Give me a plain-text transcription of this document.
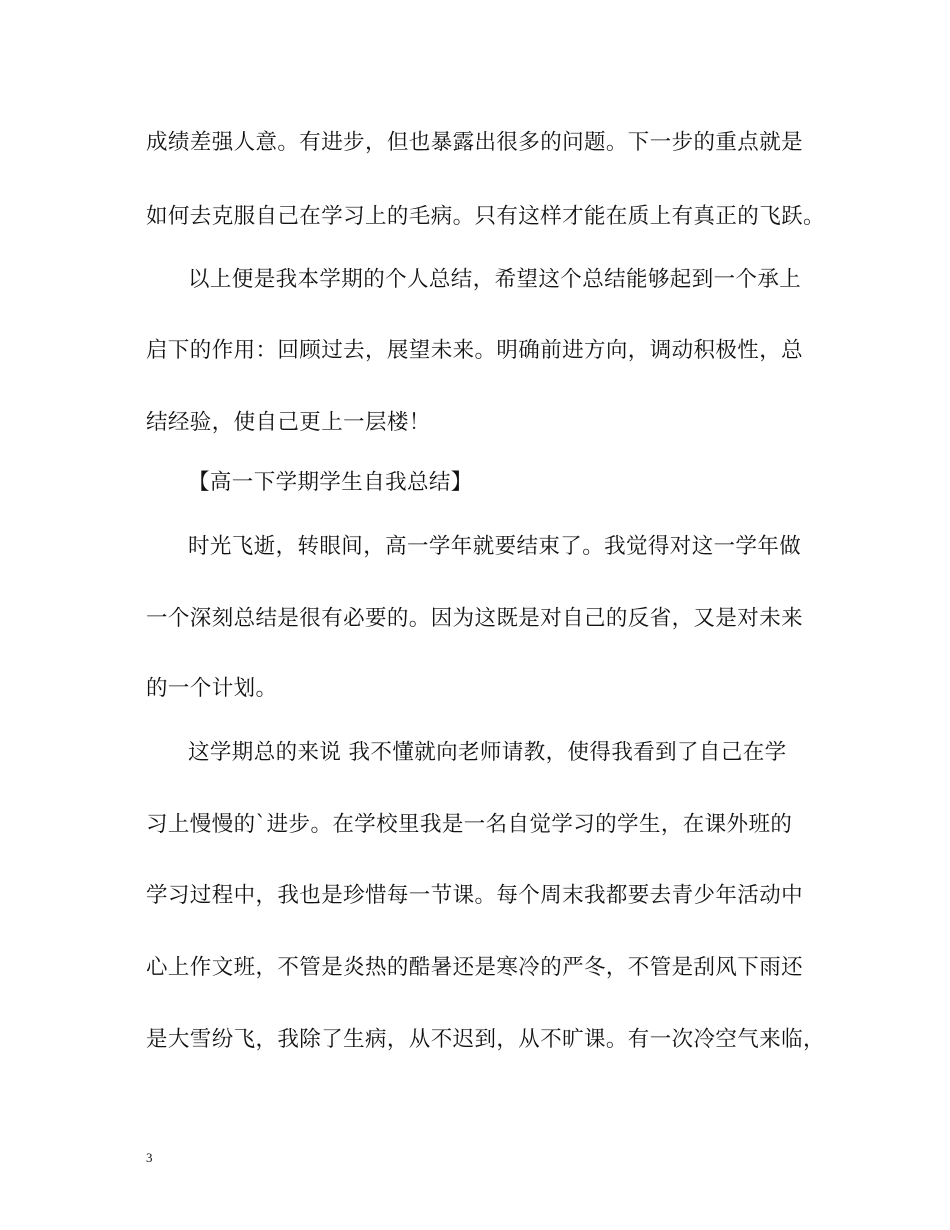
成绩差强人意。有进步，但也暴露出很多的问题。下一步的重点就是
如何去克服自己在学习上的毛病。只有这样才能在质上有真正的飞跃。
以上便是我本学期的个人总结，希望这个总结能够起到一个承上
启下的作用：回顾过去，展望未来。明确前进方向，调动积极性，总
结经验，使自己更上一层楼！
【高一下学期学生自我总结】
时光飞逝，转眼间，高一学年就要结束了。我觉得对这一学年做
一个深刻总结是很有必要的。因为这既是对自己的反省，又是对未来
的一个计划。
这学期总的来说 我不懂就向老师请教，使得我看到了自己在学
习上慢慢的`进步。在学校里我是一名自觉学习的学生，在课外班的
学习过程中，我也是珍惜每一节课。每个周末我都要去青少年活动中
心上作文班，不管是炎热的酷暑还是寒冷的严冬，不管是刮风下雨还
是大雪纷飞，我除了生病，从不迟到，从不旷课。有一次冷空气来临，
3
